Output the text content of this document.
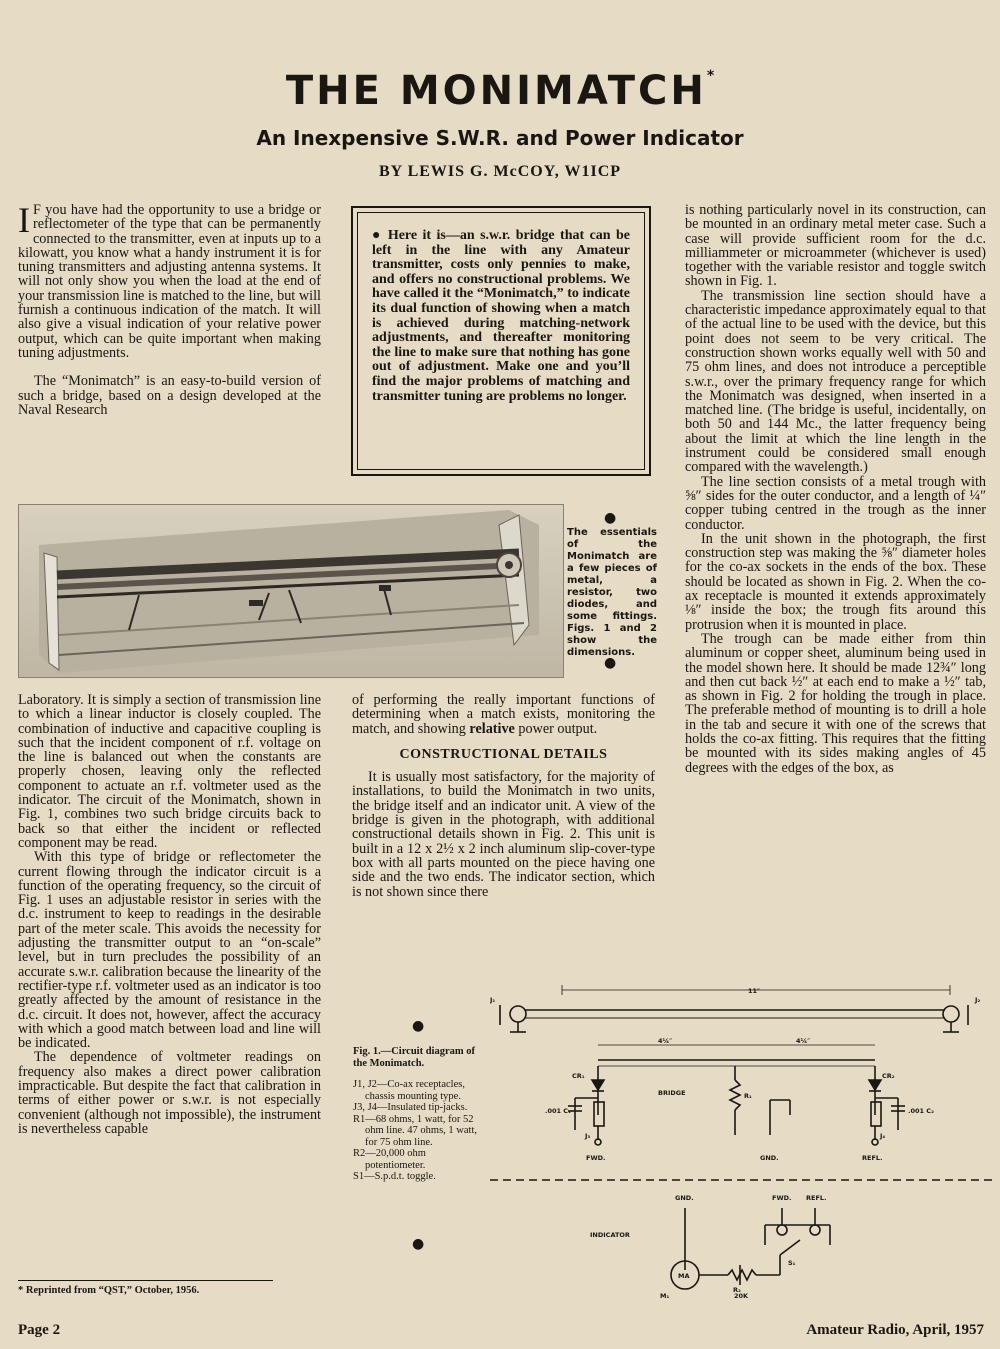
THE MONIMATCH*
An Inexpensive S.W.R. and Power Indicator
BY LEWIS G. McCOY, W1ICP

I F you have had the opportunity to use a bridge or reflectometer of the type that can be permanently connected to the transmitter, even at inputs up to a kilowatt, you know what a handy instrument it is for tuning transmitters and adjusting antenna systems. It will not only show you when the load at the end of your transmission line is matched to the line, but will furnish a continuous indication of the match. It will also give a visual indication of your relative power output, which can be quite important when making tuning adjustments.

The “Monimatch” is an easy-to-build version of such a bridge, based on a design developed at the Naval Research

● Here it is—an s.w.r. bridge that can be left in the line with any Amateur transmitter, costs only pennies to make, and offers no constructional problems. We have called it the “Monimatch,” to indicate its dual function of showing when a match is achieved during matching-network adjustments, and thereafter monitoring the line to make sure that nothing has gone out of adjustment. Make one and you’ll find the major problems of matching and transmitter tuning are problems no longer.
The essentials of the Monimatch are a few pieces of metal, a resistor, two diodes, and some fittings. Figs. 1 and 2 show the dimensions.
●
●

Laboratory. It is simply a section of transmission line to which a linear inductor is closely coupled. The combination of inductive and capacitive coupling is such that the incident component of r.f. voltage on the line is balanced out when the constants are properly chosen, leaving only the reflected component to actuate an r.f. voltmeter used as the indicator. The circuit of the Monimatch, shown in Fig. 1, combines two such bridge circuits back to back so that either the incident or reflected component may be read.

With this type of bridge or reflectometer the current flowing through the indicator circuit is a function of the operating frequency, so the circuit of Fig. 1 uses an adjustable resistor in series with the d.c. instrument to keep to readings in the desirable part of the meter scale. This avoids the necessity for adjusting the transmitter output to an “on-scale” level, but in turn precludes the possibility of an accurate s.w.r. calibration because the linearity of the rectifier-type r.f. voltmeter used as an indicator is too greatly affected by the amount of resistance in the d.c. circuit. It does not, however, affect the accuracy with which a good match between load and line will be indicated.

The dependence of voltmeter readings on frequency also makes a direct power calibration impracticable. But despite the fact that calibration in terms of either power or s.w.r. is not especially convenient (although not impossible), the instrument is nevertheless capable

of performing the really important functions of determining when a match exists, monitoring the match, and showing relative power output.

CONSTRUCTIONAL DETAILS

It is usually most satisfactory, for the majority of installations, to build the Monimatch in two units, the bridge itself and an indicator unit. A view of the bridge is given in the photograph, with additional constructional details shown in Fig. 2. This unit is built in a 12 x 2½ x 2 inch aluminum slip-cover-type box with all parts mounted on the piece having one side and the two ends. The indicator section, which is not shown since there

is nothing particularly novel in its construction, can be mounted in an ordinary metal meter case. Such a case will provide sufficient room for the d.c. milliammeter or microammeter (whichever is used) together with the variable resistor and toggle switch shown in Fig. 1.

The transmission line section should have a characteristic impedance approximately equal to that of the actual line to be used with the device, but this point does not seem to be very critical. The construction shown works equally well with 50 and 75 ohm lines, and does not introduce a perceptible s.w.r., over the primary frequency range for which the Monimatch was designed, when inserted in a matched line. (The bridge is useful, incidentally, on both 50 and 144 Mc., the latter frequency being about the limit at which the line length in the instrument could be considered small enough compared with the wavelength.)

The line section consists of a metal trough with ⅝″ sides for the outer conductor, and a length of ¼″ copper tubing centred in the trough as the inner conductor.

In the unit shown in the photograph, the first construction step was making the ⅝″ diameter holes for the co-ax sockets in the ends of the box. These should be located as shown in Fig. 2. When the co-ax receptacle is mounted it extends approximately ⅛″ inside the box; the trough fits around this protrusion when it is mounted in place.

The trough can be made either from thin aluminum or copper sheet, aluminum being used in the model shown here. It should be made 12¾″ long and then cut back ½″ at each end to make a ½″ tab, as shown in Fig. 2 for holding the trough in place. The preferable method of mounting is to drill a hole in the tab and secure it with one of the screws that holds the co-ax fitting. This requires that the fitting be mounted with its sides making angles of 45 degrees with the edges of the box, as

●
Fig. 1.—Circuit diagram of the Monimatch.
J1, J2—Co-ax receptacles, chassis mounting type.
J3, J4—Insulated tip-jacks.
R1—68 ohms, 1 watt, for 52 ohm line. 47 ohms, 1 watt, for 75 ohm line.
R2—20,000 ohm potentiometer.
S1—S.p.d.t. toggle.
●
J₁	J₂
11″
4¼″	4¼″
CR₁	CR₂
R₁
.001 C₁	.001 C₂
BRIDGE
J₃	J₄
FWD.	GND.	REFL.
INDICATOR
GND.	FWD. REFL.
MA
M₁
R₂
20K
S₁
* Reprinted from “QST,” October, 1956.
Page 2	Amateur Radio, April, 1957
